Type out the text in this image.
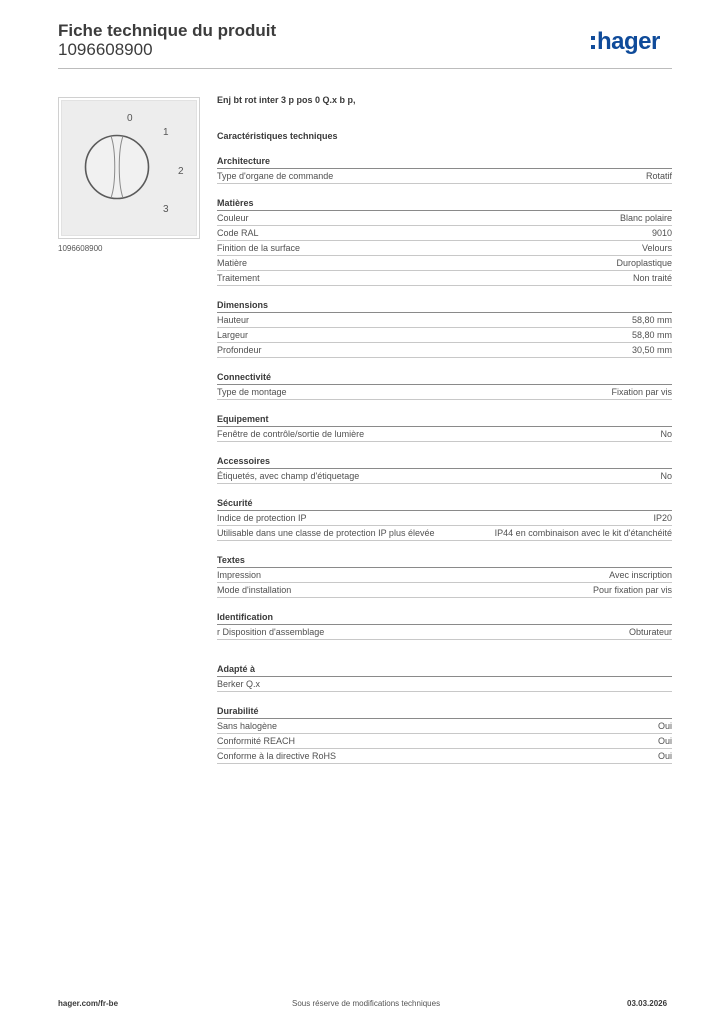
Fiche technique du produit
1096608900	hager
0
1
2
3
1096608900
Enj bt rot inter 3 p pos 0 Q.x b p,
Caractéristiques techniques
Architecture
Type d'organe de commande	Rotatif
Matières
Couleur	Blanc polaire
Code RAL	9010
Finition de la surface	Velours
Matière	Duroplastique
Traitement	Non traité
Dimensions
Hauteur	58,80 mm
Largeur	58,80 mm
Profondeur	30,50 mm
Connectivité
Type de montage	Fixation par vis
Equipement
Fenêtre de contrôle/sortie de lumière	No
Accessoires
Étiquetés, avec champ d'étiquetage	No
Sécurité
Indice de protection IP	IP20
Utilisable dans une classe de protection IP plus élevée	IP44 en combinaison avec le kit d'étanchéité
Textes
Impression	Avec inscription
Mode d'installation	Pour fixation par vis
Identification
r Disposition d'assemblage	Obturateur
Adapté à
Berker Q.x
Durabilité
Sans halogène	Oui
Conformité REACH	Oui
Conforme à la directive RoHS	Oui
hager.com/fr-be	Sous réserve de modifications techniques	03.03.2026
